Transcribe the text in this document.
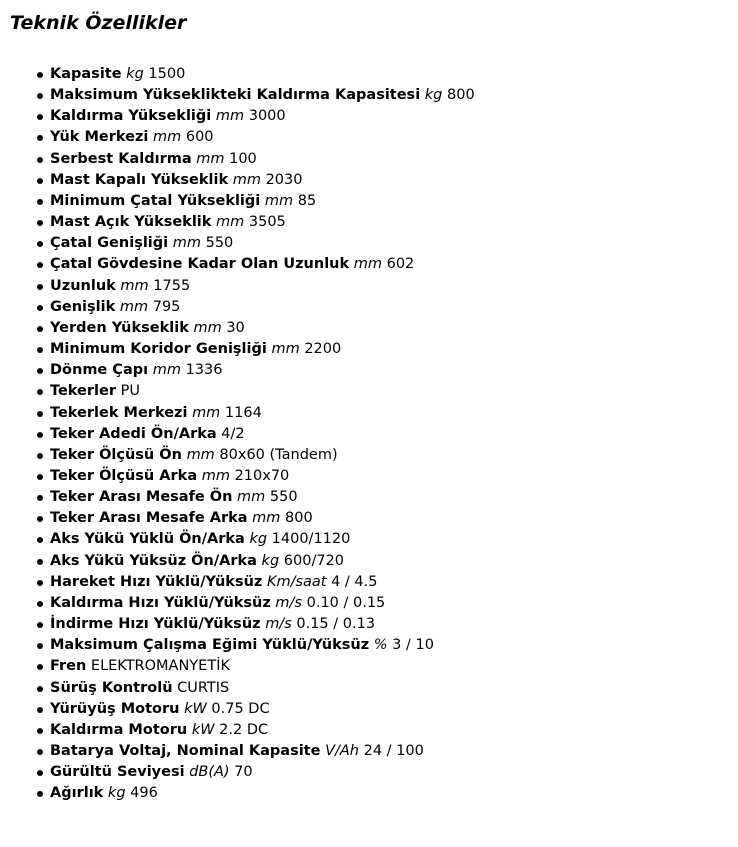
Teknik Özellikler
Kapasite kg 1500
Maksimum Yükseklikteki Kaldırma Kapasitesi kg 800
Kaldırma Yüksekliği mm 3000
Yük Merkezi mm 600
Serbest Kaldırma mm 100
Mast Kapalı Yükseklik mm 2030
Minimum Çatal Yüksekliği mm 85
Mast Açık Yükseklik mm 3505
Çatal Genişliği mm 550
Çatal Gövdesine Kadar Olan Uzunluk mm 602
Uzunluk mm 1755
Genişlik mm 795
Yerden Yükseklik mm 30
Minimum Koridor Genişliği mm 2200
Dönme Çapı mm 1336
Tekerler PU
Tekerlek Merkezi mm 1164
Teker Adedi Ön/Arka 4/2
Teker Ölçüsü Ön mm 80x60 (Tandem)
Teker Ölçüsü Arka mm 210x70
Teker Arası Mesafe Ön mm 550
Teker Arası Mesafe Arka mm 800
Aks Yükü Yüklü Ön/Arka kg 1400/1120
Aks Yükü Yüksüz Ön/Arka kg 600/720
Hareket Hızı Yüklü/Yüksüz Km/saat 4 / 4.5
Kaldırma Hızı Yüklü/Yüksüz m/s 0.10 / 0.15
İndirme Hızı Yüklü/Yüksüz m/s 0.15 / 0.13
Maksimum Çalışma Eğimi Yüklü/Yüksüz % 3 / 10
Fren ELEKTROMANYETİK
Sürüş Kontrolü CURTIS
Yürüyüş Motoru kW 0.75 DC
Kaldırma Motoru kW 2.2 DC
Batarya Voltaj, Nominal Kapasite V/Ah 24 / 100
Gürültü Seviyesi dB(A) 70
Ağırlık kg 496
